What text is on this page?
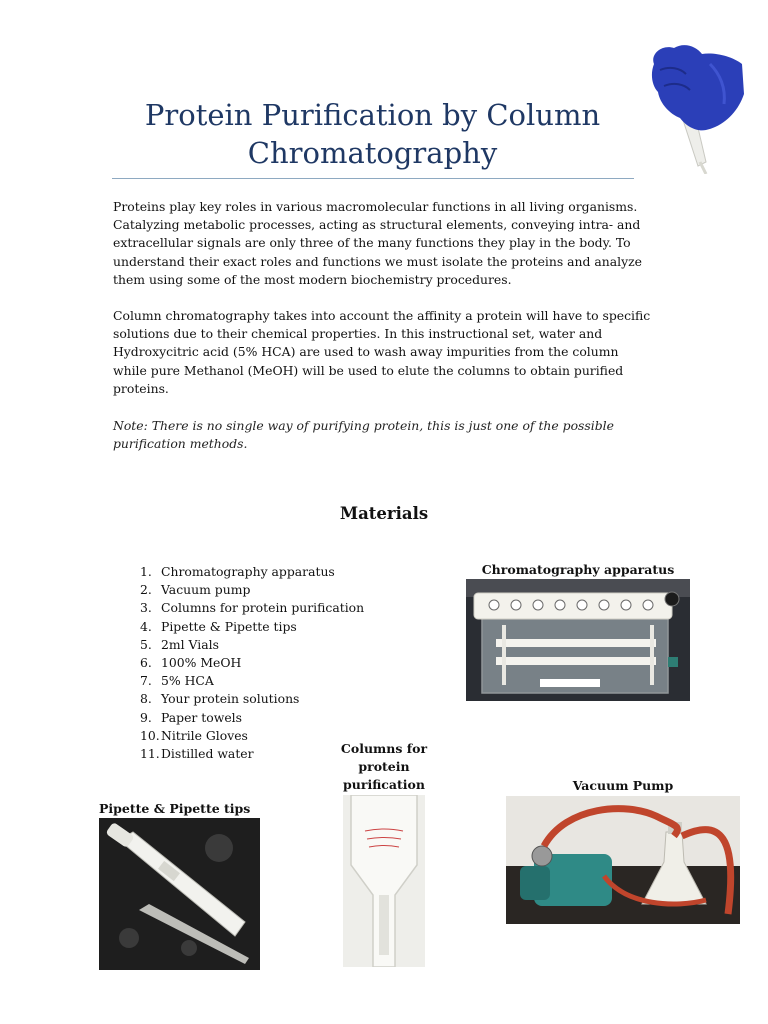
Protein Purification by Column
Chromatography

Proteins play key roles in various macromolecular functions in all living organisms. Catalyzing metabolic processes, acting as structural elements, conveying intra- and extracellular signals are only three of the many functions they play in the body. To understand their exact roles and functions we must isolate the proteins and analyze them using some of the most modern biochemistry procedures.

Column chromatography takes into account the affinity a protein will have to specific solutions due to their chemical properties. In this instructional set, water and Hydroxycitric acid (5% HCA) are used to wash away impurities from the column while pure Methanol (MeOH) will be used to elute the columns to obtain purified proteins.

Note: There is no single way of purifying protein, this is just one of the possible purification methods.

Materials
1. Chromatography apparatus
2. Vacuum pump
3. Columns for protein purification
4. Pipette & Pipette tips
5. 2ml Vials
6. 100% MeOH
7. 5% HCA
8. Your protein solutions
9. Paper towels
10. Nitrile Gloves
11. Distilled water
Chromatography apparatus
Columns for
protein
purification	Vacuum Pump
Pipette & Pipette tips
